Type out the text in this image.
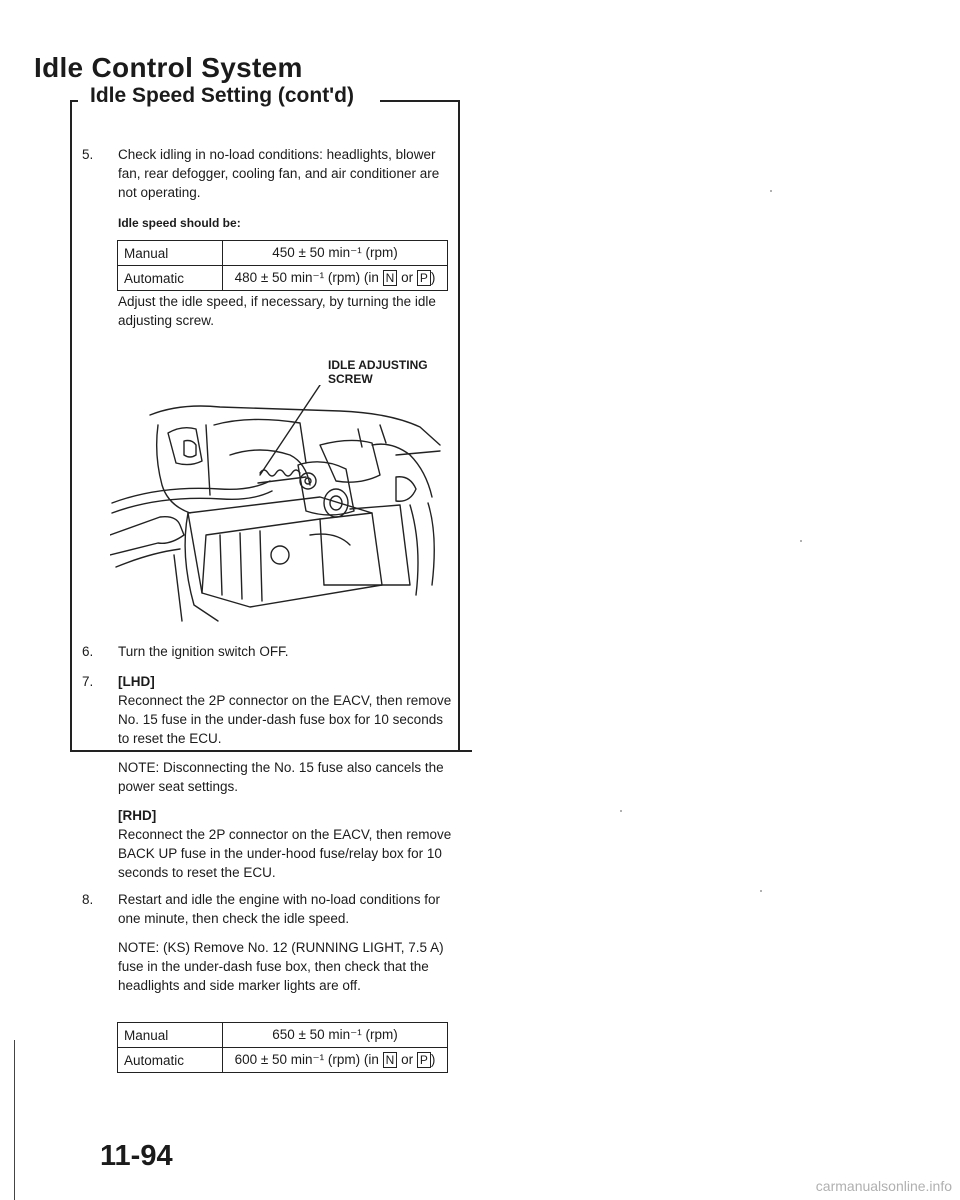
Idle Control System
Idle Speed Setting (cont'd)
5. Check idling in no-load conditions: headlights, blower fan, rear defogger, cooling fan, and air conditioner are not operating.

Idle speed should be:
Manual	450 ± 50 min⁻¹ (rpm)
Automatic	480 ± 50 min⁻¹ (rpm) (in N or P )

Adjust the idle speed, if necessary, by turning the idle adjusting screw.

IDLE ADJUSTING
SCREW
6. Turn the ignition switch OFF.

7. [LHD]

Reconnect the 2P connector on the EACV, then remove No. 15 fuse in the under-dash fuse box for 10 seconds to reset the ECU.

NOTE: Disconnecting the No. 15 fuse also cancels the power seat settings.

[RHD]

Reconnect the 2P connector on the EACV, then remove BACK UP fuse in the under-hood fuse/relay box for 10 seconds to reset the ECU.

8. Restart and idle the engine with no-load conditions for one minute, then check the idle speed.

NOTE: (KS) Remove No. 12 (RUNNING LIGHT, 7.5 A) fuse in the under-dash fuse box, then check that the headlights and side marker lights are off.

Manual	650 ± 50 min⁻¹ (rpm)
Automatic	600 ± 50 min⁻¹ (rpm) (in N or P )
11-94
carmanualsonline.info
